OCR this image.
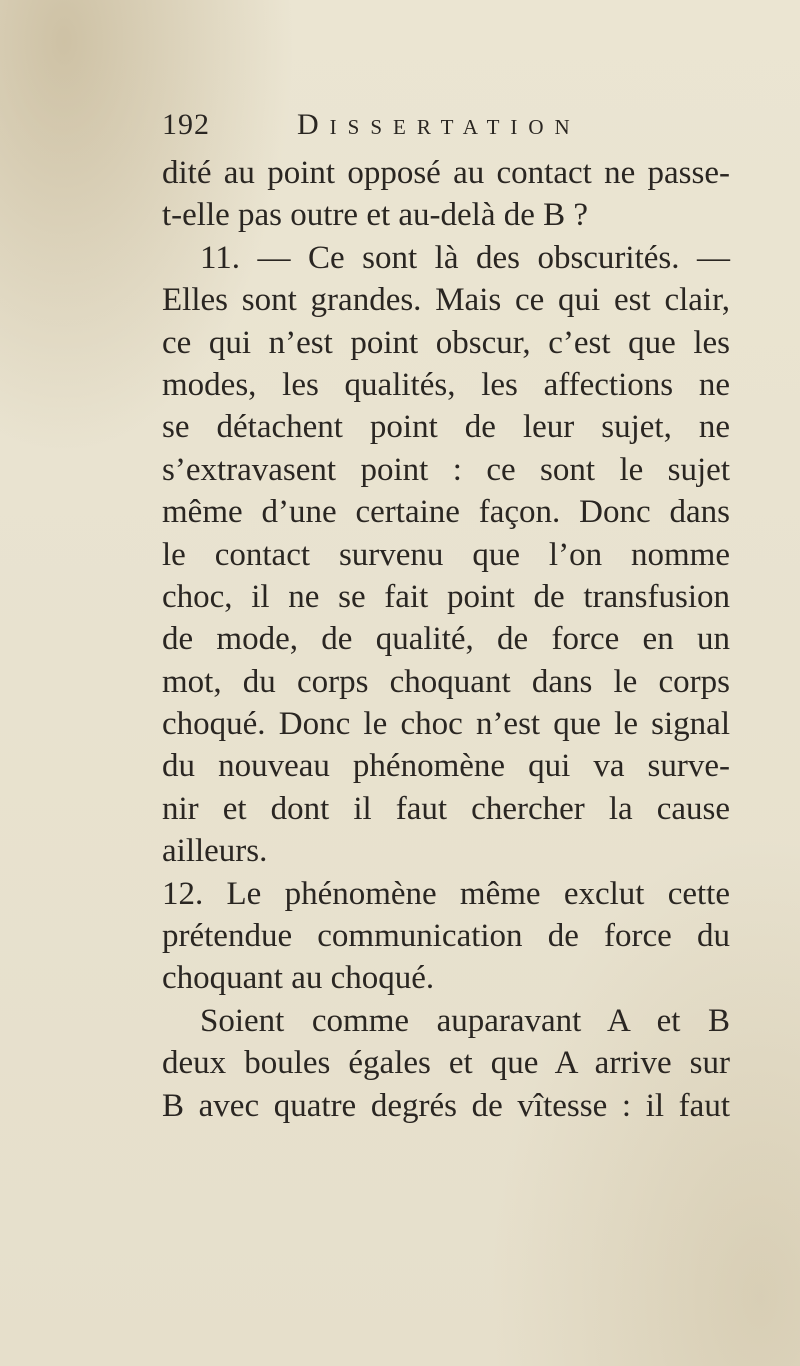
192	Dissertation
dité au point opposé au contact ne passe-
t-elle pas outre et au-delà de B ?
11. — Ce sont là des obscurités. —
Elles sont grandes. Mais ce qui est clair,
ce qui n’est point obscur, c’est que les
modes, les qualités, les affections ne
se détachent point de leur sujet, ne
s’extravasent point : ce sont le sujet
même d’une certaine façon. Donc dans
le contact survenu que l’on nomme
choc, il ne se fait point de transfusion
de mode, de qualité, de force en un
mot, du corps choquant dans le corps
choqué. Donc le choc n’est que le signal
du nouveau phénomène qui va surve-
nir et dont il faut chercher la cause
ailleurs.
12. Le phénomène même exclut cette
prétendue communication de force du
choquant au choqué.
Soient comme auparavant A et B
deux boules égales et que A arrive sur
B avec quatre degrés de vîtesse : il faut
